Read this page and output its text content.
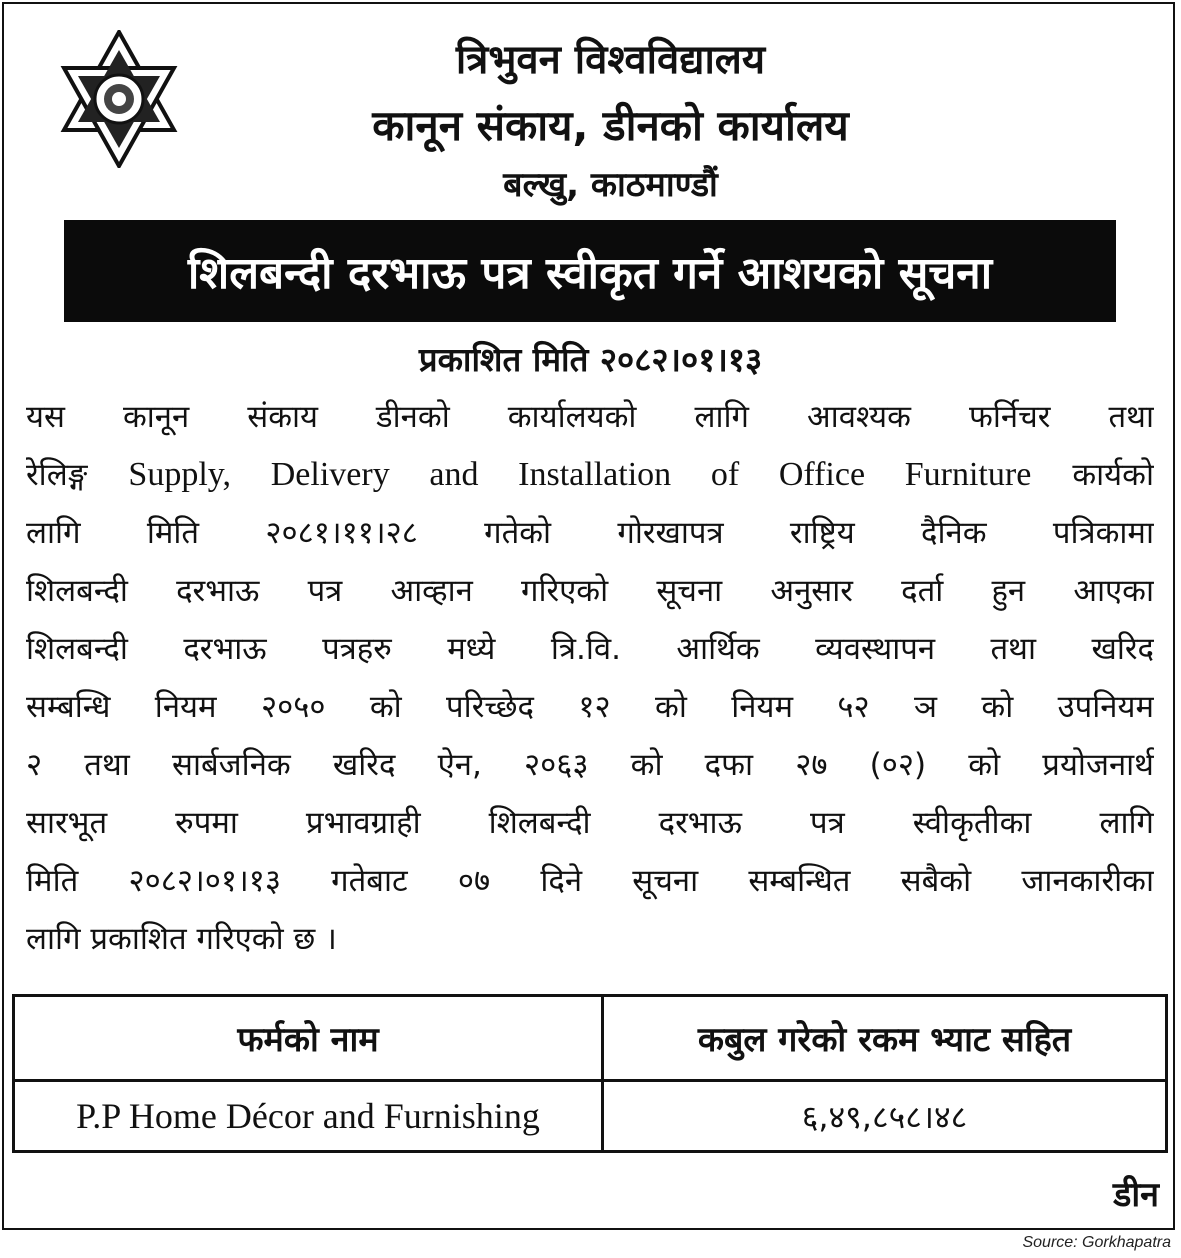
त्रिभुवन विश्वविद्यालय
कानून संकाय, डीनको कार्यालय
बल्खु, काठमाण्डौं
शिलबन्दी दरभाऊ पत्र स्वीकृत गर्ने आशयको सूचना
प्रकाशित मिति २०८२।०१।१३
यस कानून संकाय डीनको कार्यालयको लागि आवश्यक फर्निचर तथा
रेलिङ्ग Supply, Delivery and Installation of Office Furniture कार्यको
लागि मिति २०८१।११।२८ गतेको गोरखापत्र राष्ट्रिय दैनिक पत्रिकामा
शिलबन्दी दरभाऊ पत्र आव्हान गरिएको सूचना अनुसार दर्ता हुन आएका
शिलबन्दी दरभाऊ पत्रहरु मध्ये त्रि.वि. आर्थिक व्यवस्थापन तथा खरिद
सम्बन्धि नियम २०५० को परिच्छेद १२ को नियम ५२ ञ को उपनियम
२ तथा सार्बजनिक खरिद ऐन, २०६३ को दफा २७ (०२) को प्रयोजनार्थ
सारभूत रुपमा प्रभावग्राही शिलबन्दी दरभाऊ पत्र स्वीकृतीका लागि
मिति २०८२।०१।१३ गतेबाट ०७ दिने सूचना सम्बन्धित सबैको जानकारीका
लागि प्रकाशित गरिएको छ ।
फर्मको नाम	कबुल गरेको रकम भ्याट सहित
P.P Home Décor and Furnishing	६,४९,८५८।४८
डीन
Source: Gorkhapatra
